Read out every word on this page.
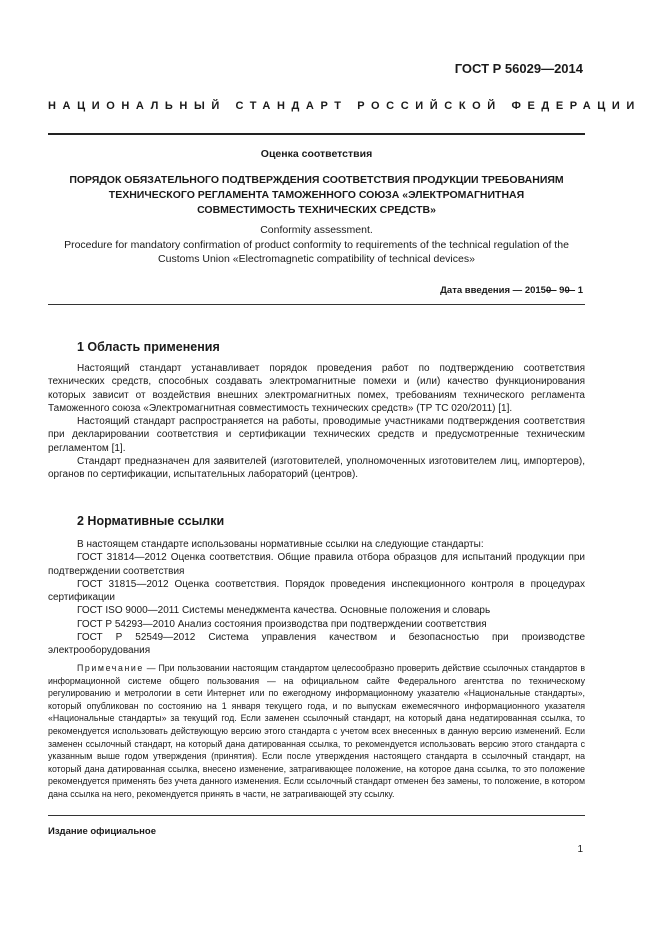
ГОСТ Р 56029—2014
НАЦИОНАЛЬНЫЙ СТАНДАРТ РОССИЙСКОЙ ФЕДЕРАЦИИ
Оценка соответствия
ПОРЯДОК ОБЯЗАТЕЛЬНОГО ПОДТВЕРЖДЕНИЯ СООТВЕТСТВИЯ ПРОДУКЦИИ ТРЕБОВАНИЯМ ТЕХНИЧЕСКОГО РЕГЛАМЕНТА ТАМОЖЕННОГО СОЮЗА «ЭЛЕКТРОМАГНИТНАЯ СОВМЕСТИМОСТЬ ТЕХНИЧЕСКИХ СРЕДСТВ»
Conformity assessment.
Procedure for mandatory confirmation of product conformity to requirements of the technical regulation of the Customs Union «Electromagnetic compatibility of technical devices»
Дата введения — 20150– 90– 1
1 Область применения

Настоящий стандарт устанавливает порядок проведения работ по подтверждению соответствия технических средств, способных создавать электромагнитные помехи и (или) качество функционирования которых зависит от воздействия внешних электромагнитных помех, требованиям технического регламента Таможенного союза «Электромагнитная совместимость технических средств» (ТР ТС 020/2011) [1].

Настоящий стандарт распространяется на работы, проводимые участниками подтверждения соответствия при декларировании соответствия и сертификации технических средств и предусмотренные техническим регламентом [1].

Стандарт предназначен для заявителей (изготовителей, уполномоченных изготовителем лиц, импортеров), органов по сертификации, испытательных лабораторий (центров).

2 Нормативные ссылки

В настоящем стандарте использованы нормативные ссылки на следующие стандарты:

ГОСТ 31814—2012 Оценка соответствия. Общие правила отбора образцов для испытаний продукции при подтверждении соответствия

ГОСТ 31815—2012 Оценка соответствия. Порядок проведения инспекционного контроля в процедурах сертификации

ГОСТ ISO 9000—2011 Системы менеджмента качества. Основные положения и словарь

ГОСТ Р 54293—2010 Анализ состояния производства при подтверждении соответствия

ГОСТ Р 52549—2012 Система управления качеством и безопасностью при производстве электрооборудования

Примечание — При пользовании настоящим стандартом целесообразно проверить действие ссылочных стандартов в информационной системе общего пользования — на официальном сайте Федерального агентства по техническому регулированию и метрологии в сети Интернет или по ежегодному информационному указателю «Национальные стандарты», который опубликован по состоянию на 1 января текущего года, и по выпускам ежемесячного информационного указателя «Национальные стандарты» за текущий год. Если заменен ссылочный стандарт, на который дана недатированная ссылка, то рекомендуется использовать действующую версию этого стандарта с учетом всех внесенных в данную версию изменений. Если заменен ссылочный стандарт, на который дана датированная ссылка, то рекомендуется использовать версию этого стандарта с указанным выше годом утверждения (принятия). Если после утверждения настоящего стандарта в ссылочный стандарт, на который дана датированная ссылка, внесено изменение, затрагивающее положение, на которое дана ссылка, то это положение рекомендуется применять без учета данного изменения. Если ссылочный стандарт отменен без замены, то положение, в котором дана ссылка на него, рекомендуется принять в части, не затрагивающей эту ссылку.

Издание официальное
1
